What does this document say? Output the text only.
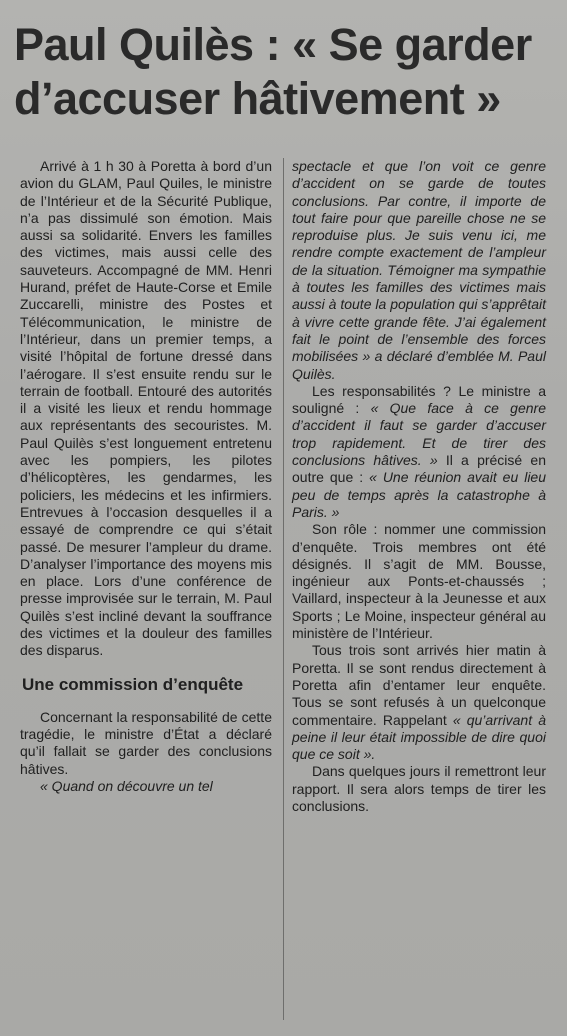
Paul Quilès : « Se garder
d’accuser hâtivement »

Arrivé à 1 h 30 à Poretta à bord d’un avion du GLAM, Paul Quiles, le ministre de l’Intérieur et de la Sécurité Publique, n’a pas dissimulé son émotion. Mais aussi sa solidarité. Envers les familles des victimes, mais aussi celle des sauveteurs. Accompagné de MM. Henri Hurand, préfet de Haute-Corse et Emile Zuccarelli, ministre des Postes et Télécommunication, le ministre de l’Intérieur, dans un premier temps, a visité l’hôpital de fortune dressé dans l’aérogare. Il s’est ensuite rendu sur le terrain de football. Entouré des autorités il a visité les lieux et rendu hommage aux représentants des secouristes. M. Paul Quilès s’est longuement entretenu avec les pompiers, les pilotes d’hélicoptères, les gendarmes, les policiers, les médecins et les infirmiers. Entrevues à l’occasion desquelles il a essayé de comprendre ce qui s’était passé. De mesurer l’ampleur du drame. D’analyser l’importance des moyens mis en place. Lors d’une conférence de presse improvisée sur le terrain, M. Paul Quilès s’est incliné devant la souffrance des victimes et la douleur des familles des disparus.

Une commission d’enquête

Concernant la responsabilité de cette tragédie, le ministre d’État a déclaré qu’il fallait se garder des conclusions hâtives.

« Quand on découvre un tel

spectacle et que l’on voit ce genre d’accident on se garde de toutes conclusions. Par contre, il importe de tout faire pour que pareille chose ne se reproduise plus. Je suis venu ici, me rendre compte exactement de l’ampleur de la situation. Témoigner ma sympathie à toutes les familles des victimes mais aussi à toute la population qui s’apprêtait à vivre cette grande fête. J’ai également fait le point de l’ensemble des forces mobilisées » a déclaré d’emblée M. Paul Quilès.

Les responsabilités ? Le ministre a souligné : « Que face à ce genre d’accident il faut se garder d’accuser trop rapidement. Et de tirer des conclusions hâtives. » Il a précisé en outre que : « Une réunion avait eu lieu peu de temps après la catastrophe à Paris. »

Son rôle : nommer une commission d’enquête. Trois membres ont été désignés. Il s’agit de MM. Bousse, ingénieur aux Ponts-et-chaussés ; Vaillard, inspecteur à la Jeunesse et aux Sports ; Le Moine, inspecteur général au ministère de l’Intérieur.

Tous trois sont arrivés hier matin à Poretta. Il se sont rendus directement à Poretta afin d’entamer leur enquête. Tous se sont refusés à un quelconque commentaire. Rappelant « qu’arrivant à peine il leur était impossible de dire quoi que ce soit ».

Dans quelques jours il remettront leur rapport. Il sera alors temps de tirer les conclusions.
